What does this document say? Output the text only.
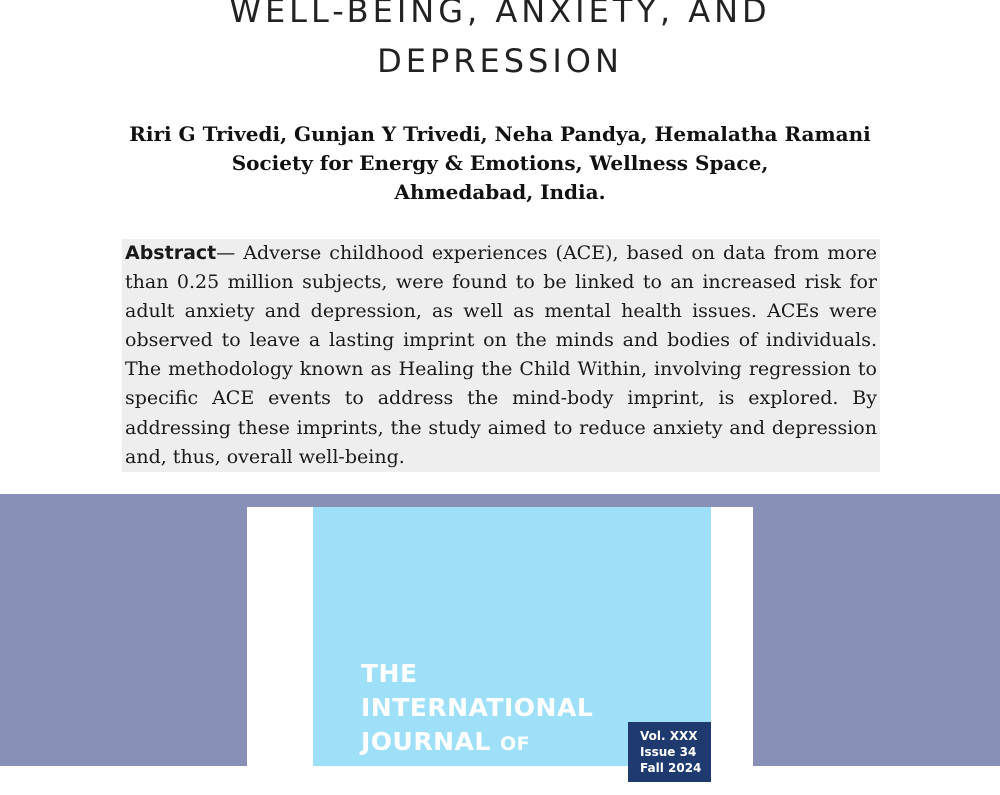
WELL-BEING, ANXIETY, AND
DEPRESSION
Riri G Trivedi, Gunjan Y Trivedi, Neha Pandya, Hemalatha Ramani
Society for Energy & Emotions, Wellness Space,
Ahmedabad, India.
Abstract— Adverse childhood experiences (ACE), based on data from more than 0.25 million subjects, were found to be linked to an increased risk for adult anxiety and depression, as well as mental health issues. ACEs were observed to leave a lasting imprint on the minds and bodies of individuals. The methodology known as Healing the Child Within, involving regression to specific ACE events to address the mind-body imprint, is explored. By addressing these imprints, the study aimed to reduce anxiety and depression and, thus, overall well-being.
THE
INTERNATIONAL
JOURNAL OF
DEPRESSION
Vol. XXX
Issue 34
Fall 2024
